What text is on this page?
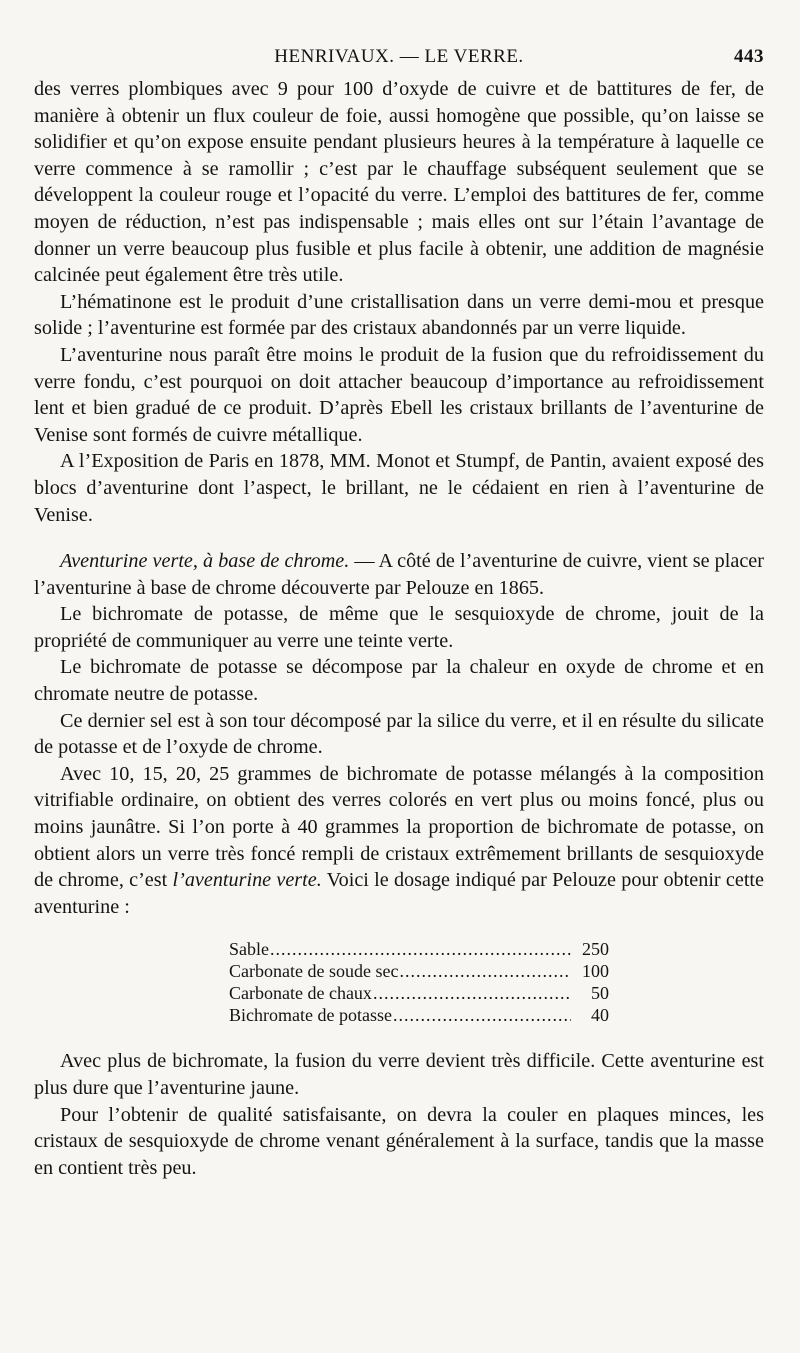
HENRIVAUX. — LE VERRE.	443

des verres plombiques avec 9 pour 100 d’oxyde de cuivre et de battitures de fer, de manière à obtenir un flux couleur de foie, aussi homogène que possible, qu’on laisse se solidifier et qu’on expose ensuite pendant plusieurs heures à la température à laquelle ce verre commence à se ramollir ; c’est par le chauffage subséquent seulement que se développent la couleur rouge et l’opacité du verre. L’emploi des battitures de fer, comme moyen de réduction, n’est pas indispensable ; mais elles ont sur l’étain l’avantage de donner un verre beaucoup plus fusible et plus facile à obtenir, une addition de magnésie calcinée peut également être très utile.

L’hématinone est le produit d’une cristallisation dans un verre demi-mou et presque solide ; l’aventurine est formée par des cristaux abandonnés par un verre liquide.

L’aventurine nous paraît être moins le produit de la fusion que du refroidissement du verre fondu, c’est pourquoi on doit attacher beaucoup d’importance au refroidissement lent et bien gradué de ce produit. D’après Ebell les cristaux brillants de l’aventurine de Venise sont formés de cuivre métallique.

A l’Exposition de Paris en 1878, MM. Monot et Stumpf, de Pantin, avaient exposé des blocs d’aventurine dont l’aspect, le brillant, ne le cédaient en rien à l’aventurine de Venise.

Aventurine verte, à base de chrome. — A côté de l’aventurine de cuivre, vient se placer l’aventurine à base de chrome découverte par Pelouze en 1865.

Le bichromate de potasse, de même que le sesquioxyde de chrome, jouit de la propriété de communiquer au verre une teinte verte.

Le bichromate de potasse se décompose par la chaleur en oxyde de chrome et en chromate neutre de potasse.

Ce dernier sel est à son tour décomposé par la silice du verre, et il en résulte du silicate de potasse et de l’oxyde de chrome.

Avec 10, 15, 20, 25 grammes de bichromate de potasse mélangés à la composition vitrifiable ordinaire, on obtient des verres colorés en vert plus ou moins foncé, plus ou moins jaunâtre. Si l’on porte à 40 grammes la proportion de bichromate de potasse, on obtient alors un verre très foncé rempli de cristaux extrêmement brillants de sesquioxyde de chrome, c’est l’aventurine verte. Voici le dosage indiqué par Pelouze pour obtenir cette aventurine :

Sable .....	250
Carbonate de soude sec .....	100
Carbonate de chaux .....	50
Bichromate de potasse .....	40

Avec plus de bichromate, la fusion du verre devient très difficile. Cette aventurine est plus dure que l’aventurine jaune.

Pour l’obtenir de qualité satisfaisante, on devra la couler en plaques minces, les cristaux de sesquioxyde de chrome venant généralement à la surface, tandis que la masse en contient très peu.
